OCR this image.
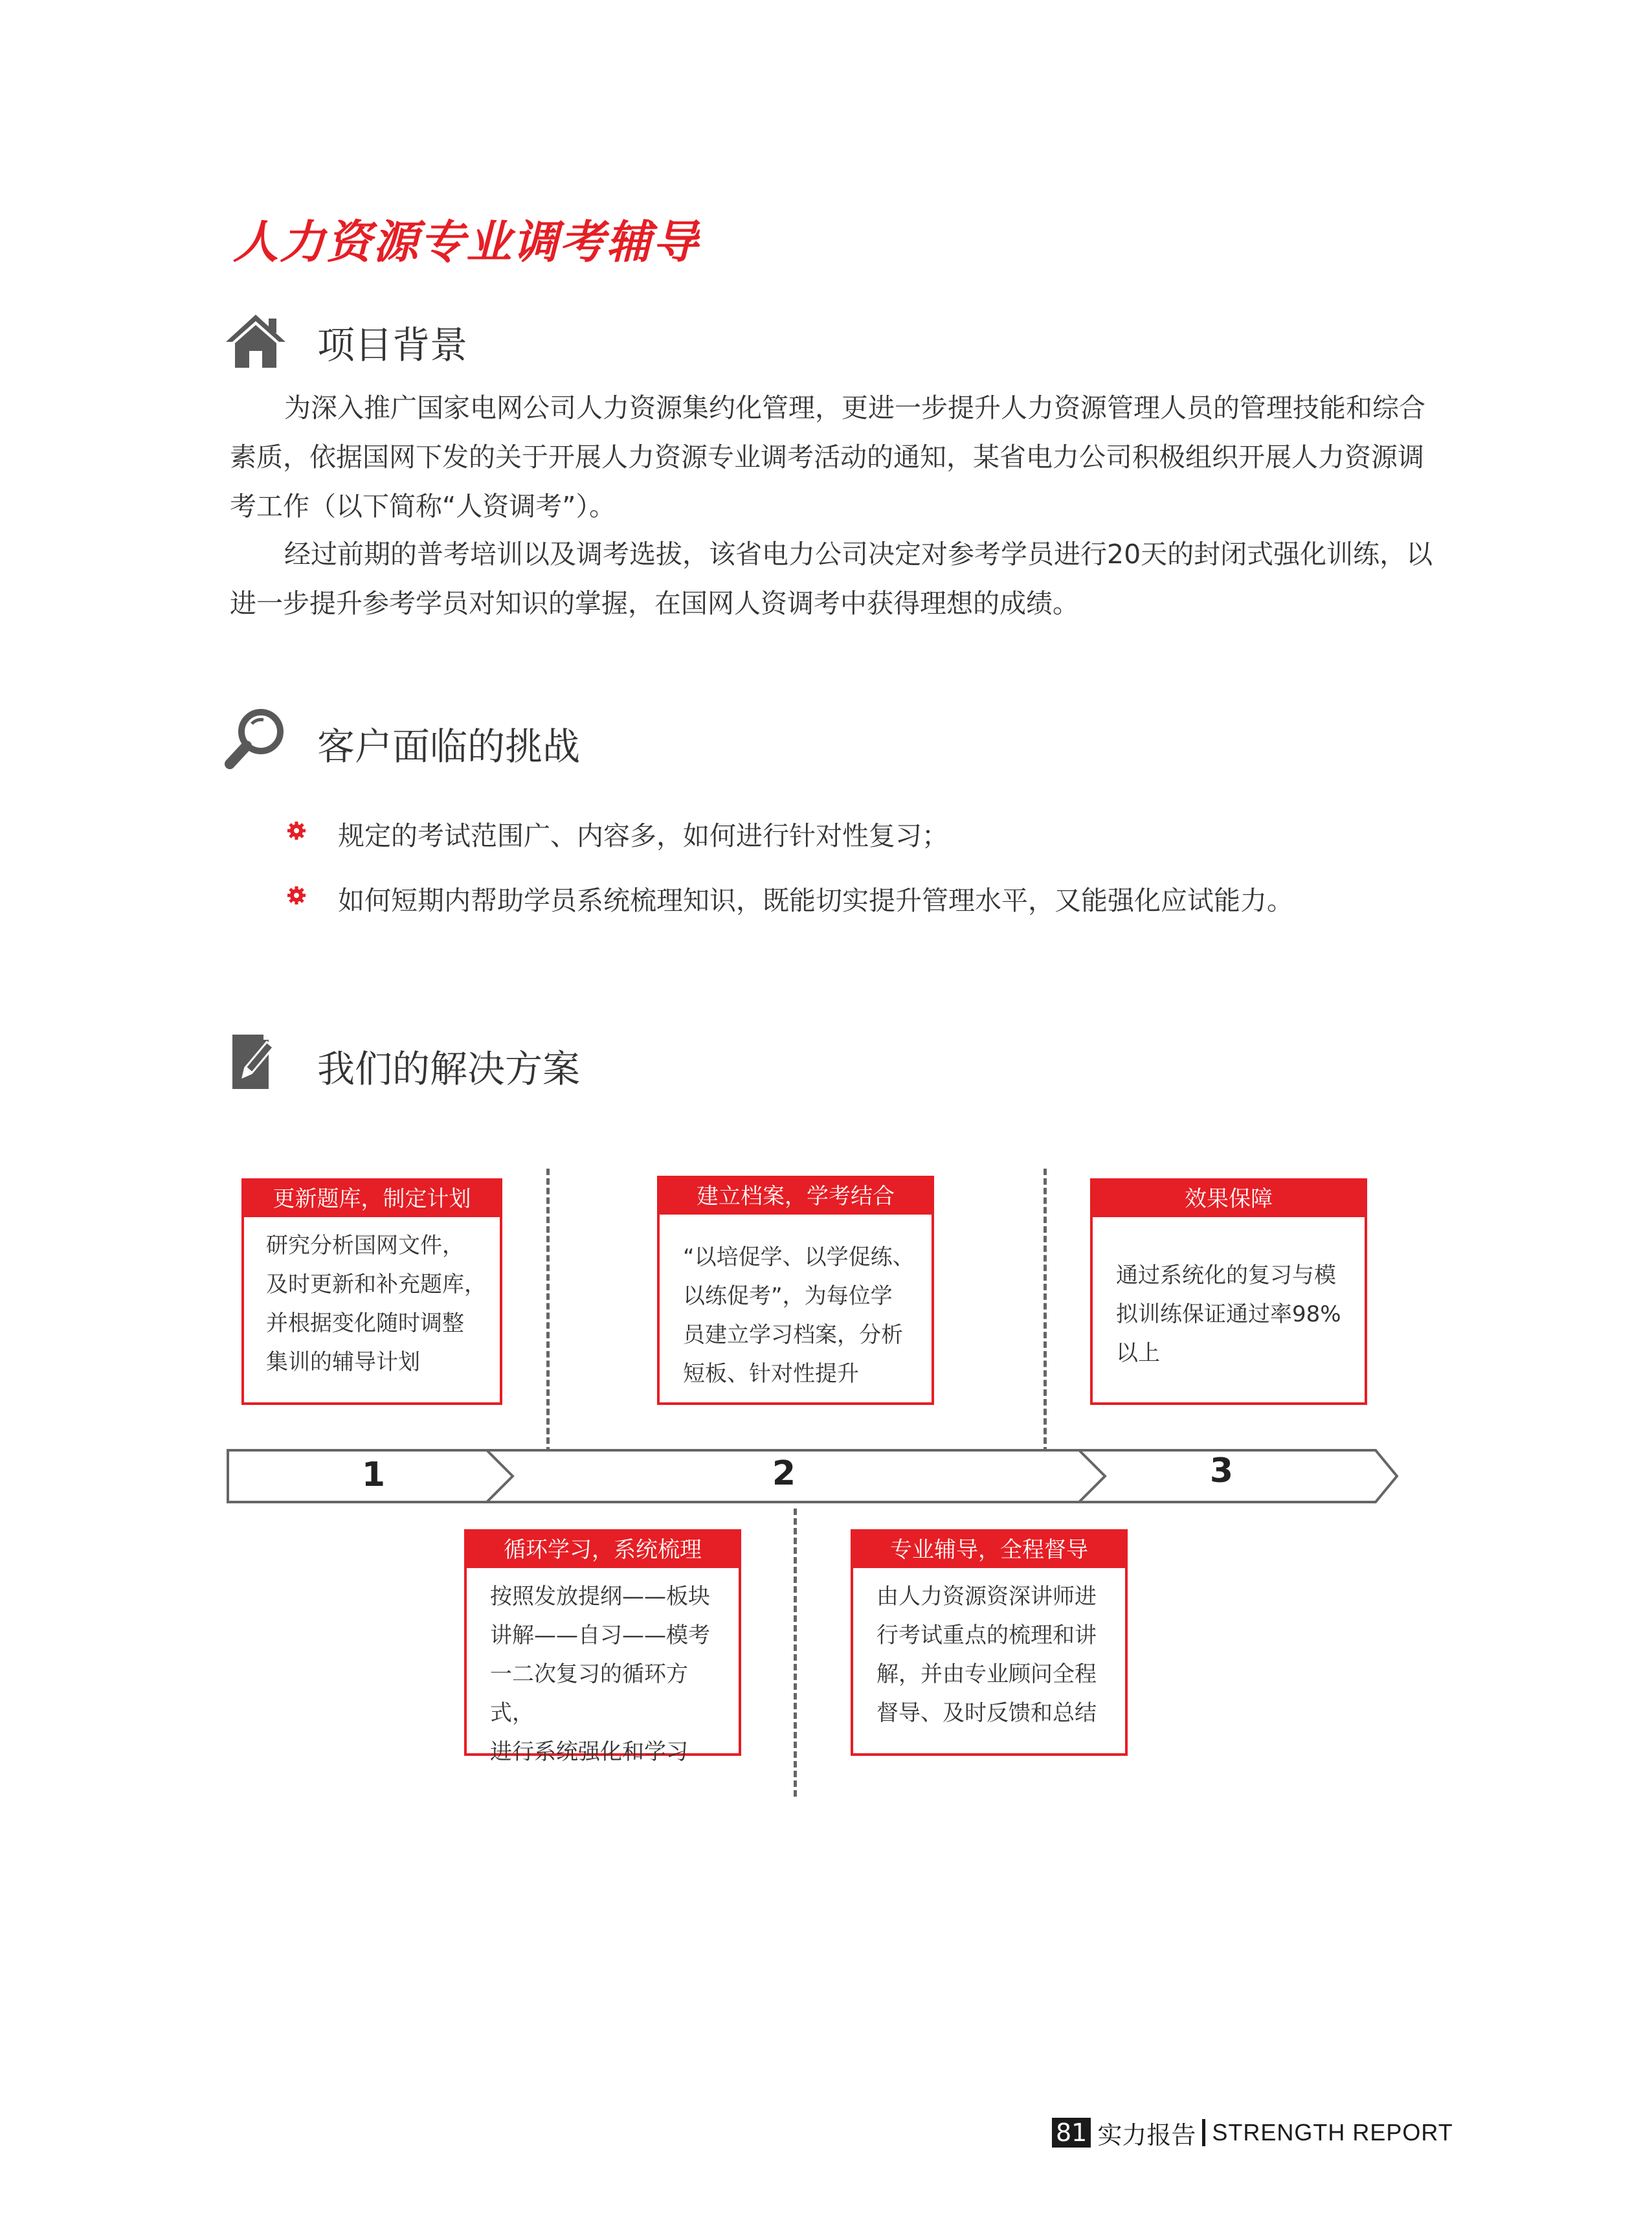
人力资源专业调考辅导
项目背景

为深入推广国家电网公司人力资源集约化管理，更进一步提升人力资源管理人员的管理技能和综合素质，依据国网下发的关于开展人力资源专业调考活动的通知，某省电力公司积极组织开展人力资源调考工作（以下简称“人资调考”）。

经过前期的普考培训以及调考选拔，该省电力公司决定对参考学员进行20天的封闭式强化训练，以进一步提升参考学员对知识的掌握，在国网人资调考中获得理想的成绩。

客户面临的挑战
规定的考试范围广、内容多，如何进行针对性复习；
如何短期内帮助学员系统梳理知识，既能切实提升管理水平，又能强化应试能力。
我们的解决方案
1	2	3
更新题库，制定计划
研究分析国网文件，
及时更新和补充题库，
并根据变化随时调整
集训的辅导计划
建立档案，学考结合
“以培促学、以学促练、
以练促考”，为每位学
员建立学习档案，分析
短板、针对性提升
效果保障
通过系统化的复习与模
拟训练保证通过率98%
以上
循环学习，系统梳理
按照发放提纲——板块
讲解——自习——模考
一二次复习的循环方式，
进行系统强化和学习
专业辅导，全程督导
由人力资源资深讲师进
行考试重点的梳理和讲
解，并由专业顾问全程
督导、及时反馈和总结
81 实力报告 STRENGTH REPORT
